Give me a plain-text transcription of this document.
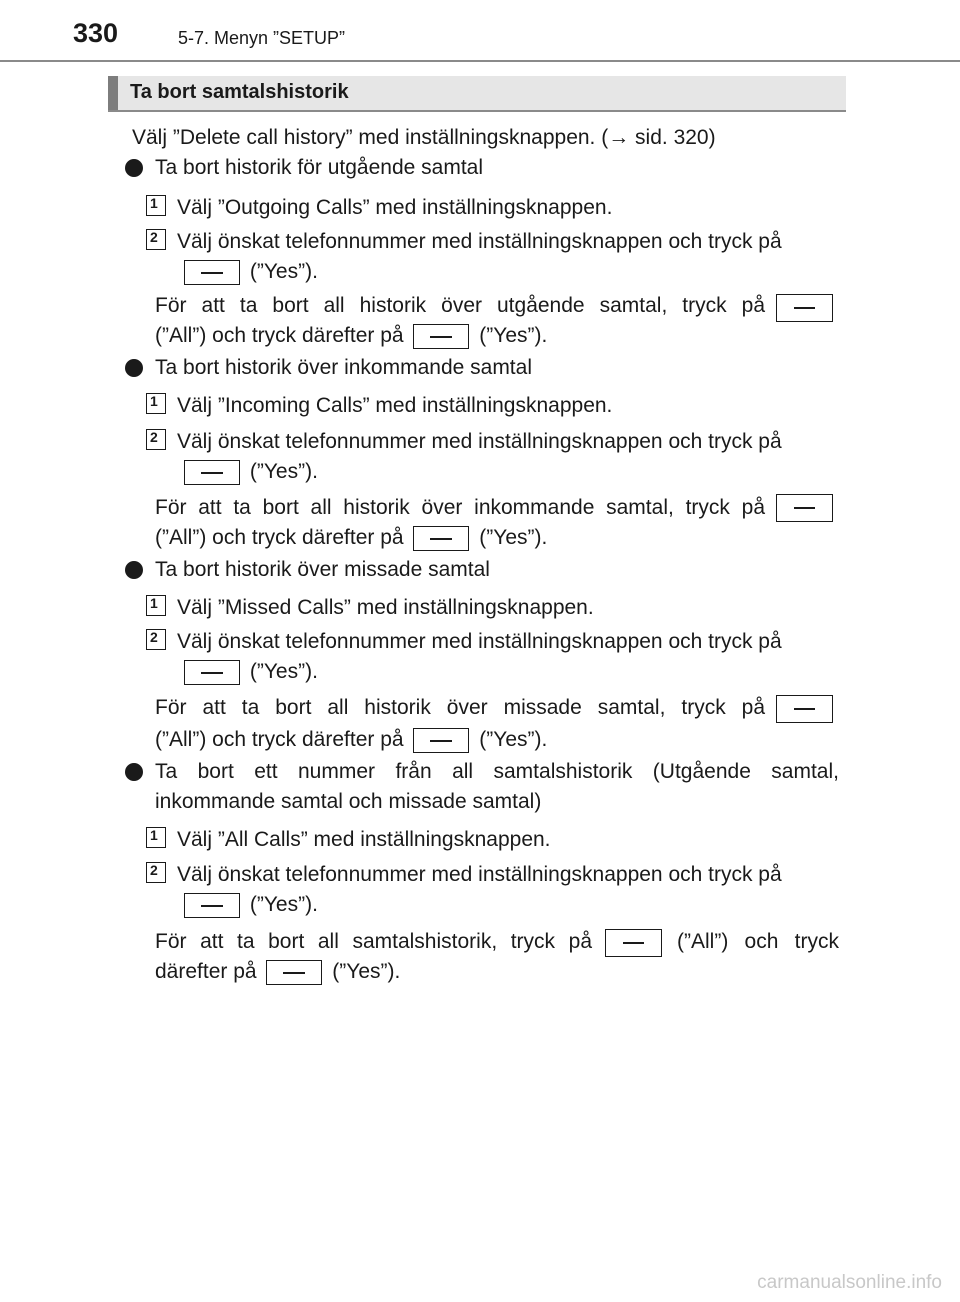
330	5-7. Menyn ”SETUP”
Ta bort samtalshistorik
Välj ”Delete call history” med inställningsknappen. (→ sid. 320)
Ta bort historik för utgående samtal
1 Välj ”Outgoing Calls” med inställningsknappen.
2 Välj önskat telefonnummer med inställningsknappen och tryck på
(”Yes”).
För att ta bort all historik över utgående samtal, tryck på
(”All”) och tryck därefter på	(”Yes”).
Ta bort historik över inkommande samtal
1 Välj ”Incoming Calls” med inställningsknappen.
2 Välj önskat telefonnummer med inställningsknappen och tryck på
(”Yes”).
För att ta bort all historik över inkommande samtal, tryck på
(”All”) och tryck därefter på	(”Yes”).
Ta bort historik över missade samtal
1 Välj ”Missed Calls” med inställningsknappen.
2 Välj önskat telefonnummer med inställningsknappen och tryck på
(”Yes”).
För att ta bort all historik över missade samtal, tryck på
(”All”) och tryck därefter på	(”Yes”).
Ta bort ett nummer från all samtalshistorik (Utgående samtal,
inkommande samtal och missade samtal)
1 Välj ”All Calls” med inställningsknappen.
2 Välj önskat telefonnummer med inställningsknappen och tryck på
(”Yes”).
För att ta bort all samtalshistorik, tryck på	(”All”) och tryck
därefter på	(”Yes”).
carmanualsonline.info
